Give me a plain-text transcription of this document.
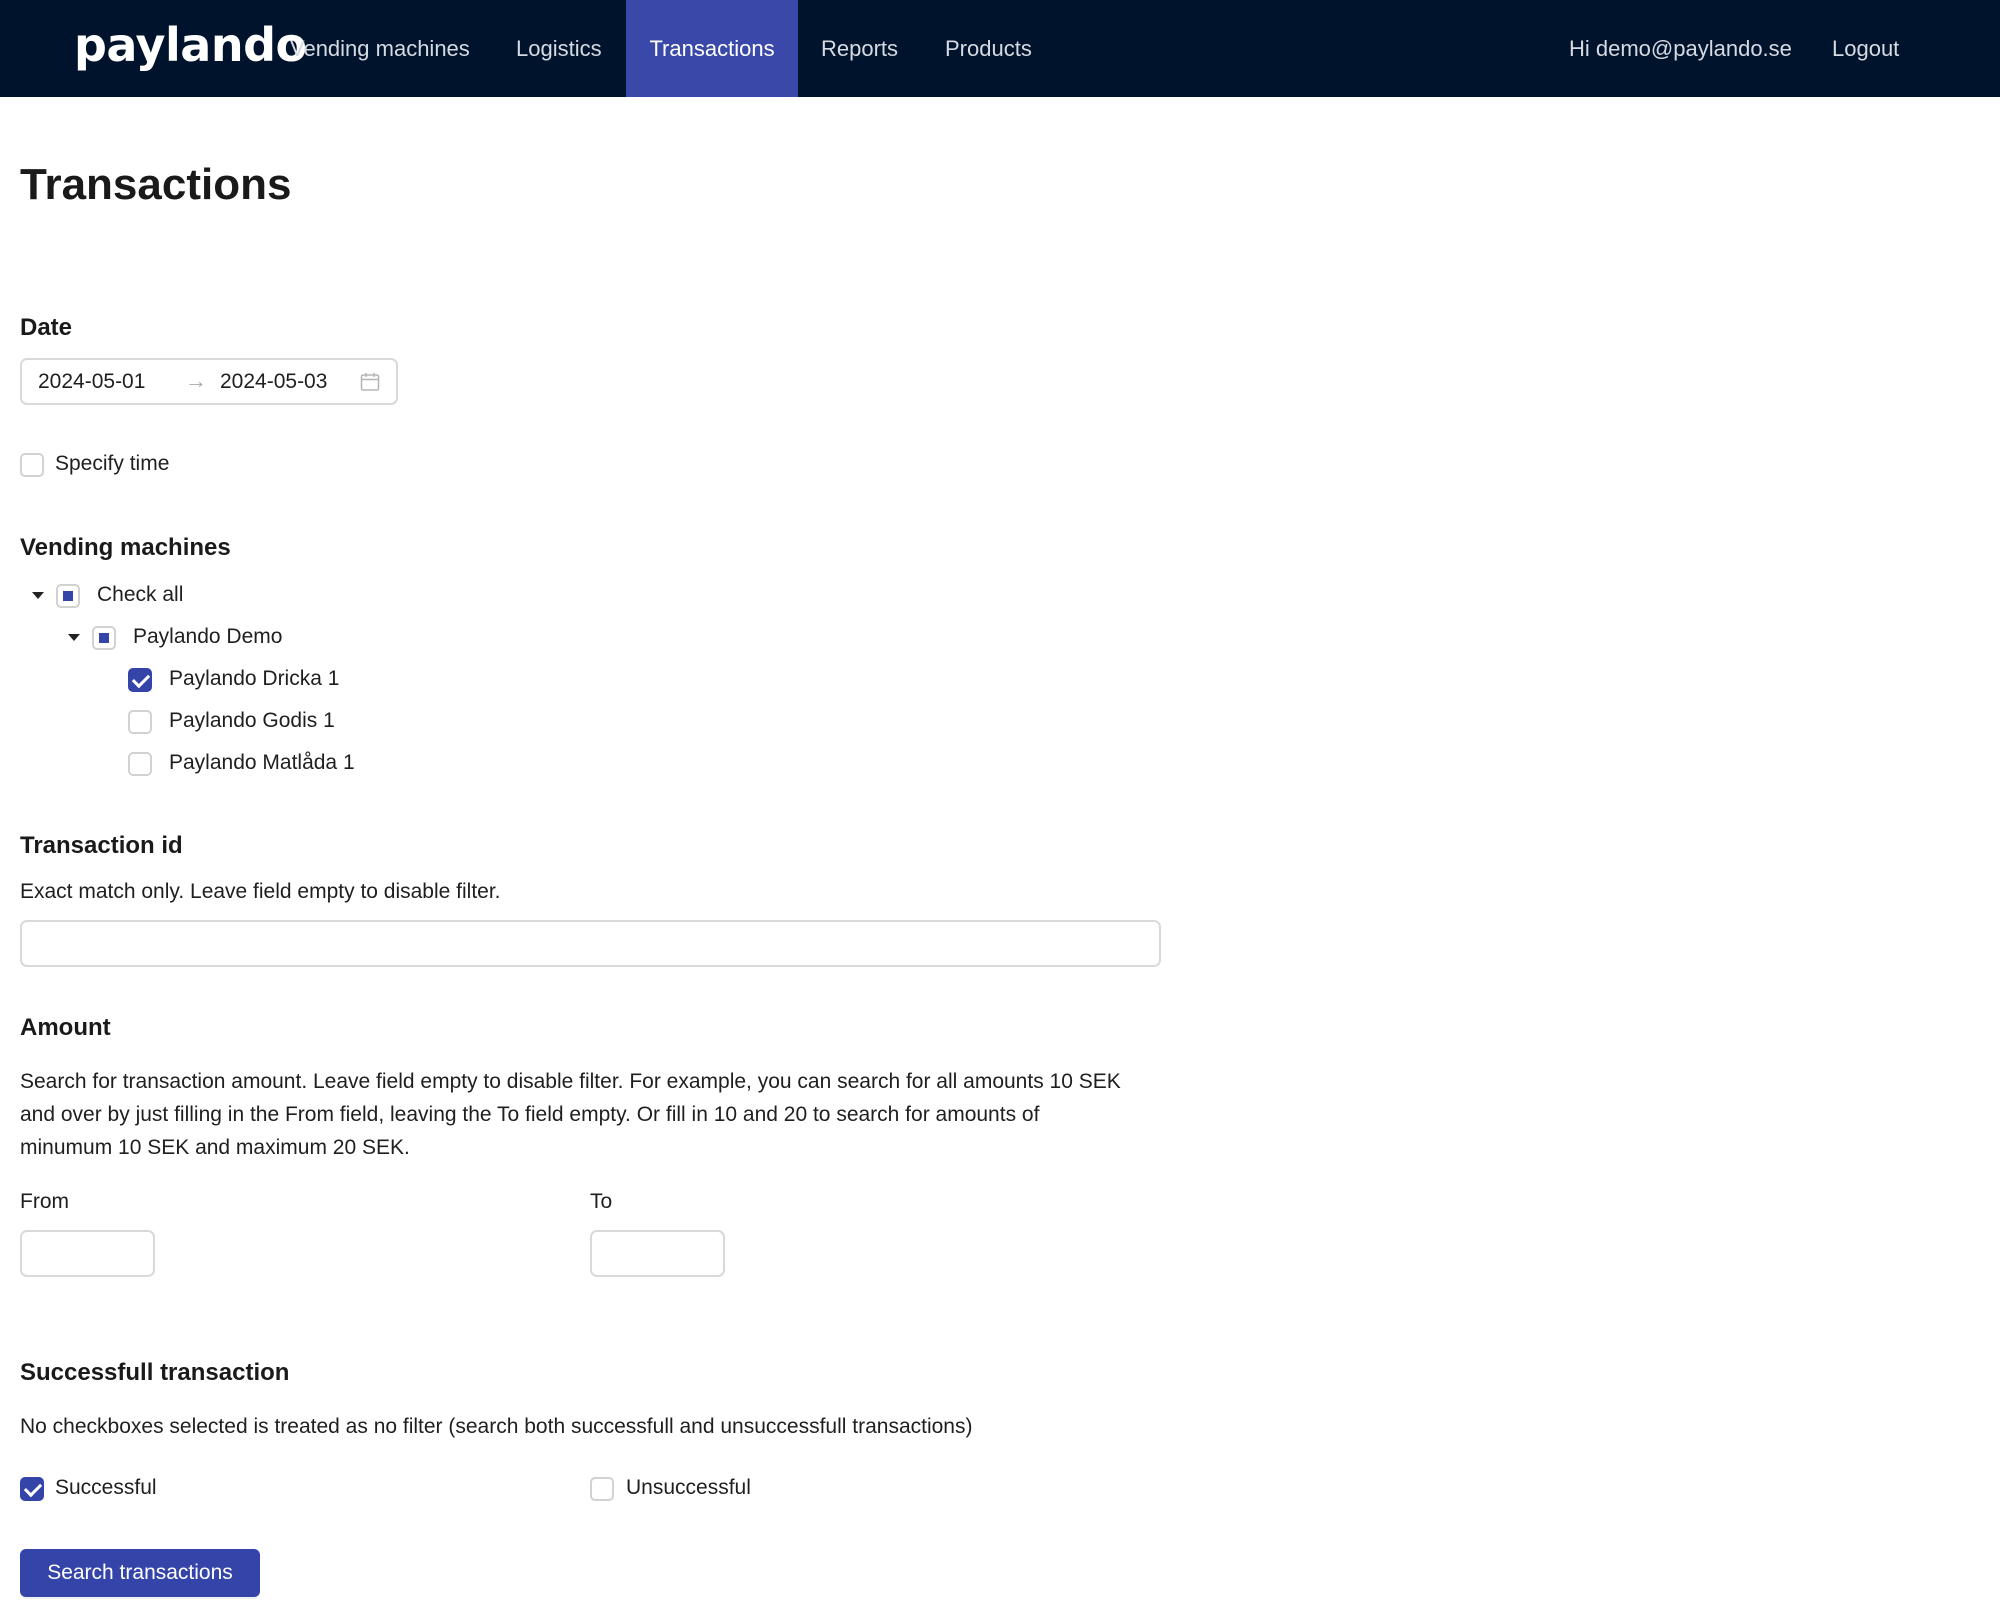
paylando
Vending machines	Logistics	Transactions	Reports	Products	Hi demo@paylando.se	Logout
Transactions
Date
2024-05-01 → 2024-05-03
Specify time
Vending machines
Check all
Paylando Demo
Paylando Dricka 1
Paylando Godis 1
Paylando Matlåda 1
Transaction id
Exact match only. Leave field empty to disable filter.
Amount
Search for transaction amount. Leave field empty to disable filter. For example, you can search for all amounts 10 SEK
and over by just filling in the From field, leaving the To field empty. Or fill in 10 and 20 to search for amounts of
minumum 10 SEK and maximum 20 SEK.
From	To
Successfull transaction
No checkboxes selected is treated as no filter (search both successfull and unsuccessfull transactions)
Successful	Unsuccessful
Search transactions
